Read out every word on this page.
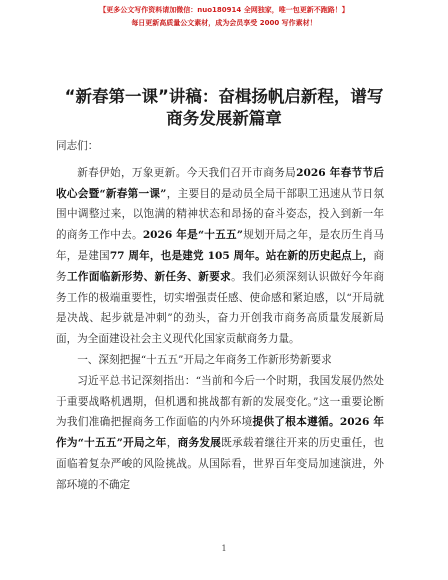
【更多公文写作资料请加微信：nuo180914 全网独家，唯一包更新不跑路！】
每日更新高质量公文素材，成为会员享受 2000 写作素材！
“新春第一课”讲稿：奋楫扬帆启新程，谱写
商务发展新篇章

同志们：

新春伊始，万象更新。今天我们召开市商务局2026 年春节节后收心会暨“新春第一课”，主要目的是动员全局干部职工迅速从节日氛围中调整过来，以饱满的精神状态和昂扬的奋斗姿态，投入到新一年的商务工作中去。2026 年是“十五五”规划开局之年，是农历生肖马年，是建国77 周年，也是建党 105 周年。站在新的历史起点上，商务工作面临新形势、新任务、新要求。我们必须深刻认识做好今年商务工作的极端重要性，切实增强责任感、使命感和紧迫感，以“开局就是决战、起步就是冲刺”的劲头，奋力开创我市商务高质量发展新局面，为全面建设社会主义现代化国家贡献商务力量。

一、深刻把握“十五五”开局之年商务工作新形势新要求

习近平总书记深刻指出：“当前和今后一个时期，我国发展仍然处于重要战略机遇期，但机遇和挑战都有新的发展变化。”这一重要论断为我们准确把握商务工作面临的内外环境提供了根本遵循。2026 年作为“十五五”开局之年，商务发展既承载着继往开来的历史重任，也面临着复杂严峻的风险挑战。从国际看，世界百年变局加速演进，外部环境的不确定

1
